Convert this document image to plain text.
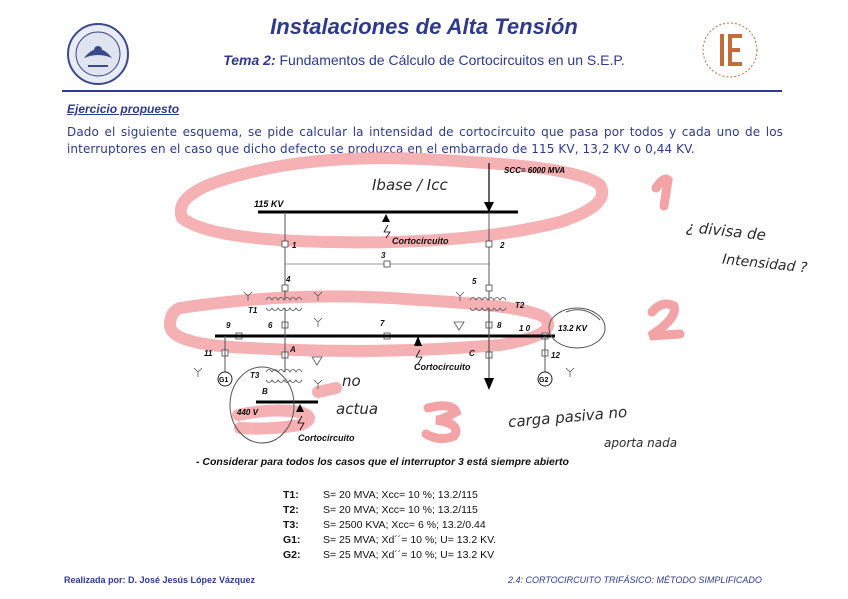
Instalaciones de Alta Tensión
Tema 2: Fundamentos de Cálculo de Cortocircuitos en un S.E.P.
Ejercicio propuesto
Dado el siguiente esquema, se pide calcular la intensidad de cortocircuito que pasa por todos y cada uno de los interruptores en el caso que dicho defecto se produzca en el embarrado de 115 KV, 13,2 KV o 0,44 KV.
115 KV
SCC= 6000 MVA
1	2
3
4	5
6	7	8
9	1 0
11	12
A	C
B
T1
T2
T3
G1	G2
440 V
13.2 KV
Cortocircuito
Cortocircuito
Cortocircuito
Ibase / Icc
¿ divisa de
Intensidad ?
no
actua	carga pasiva no
aporta nada
- Considerar para todos los casos que el interruptor 3 está siempre abierto
T1:	S= 20 MVA; Xcc= 10 %; 13.2/115
T2:	S= 20 MVA; Xcc= 10 %; 13.2/115
T3:	S= 2500 KVA; Xcc= 6 %; 13.2/0.44
G1:	S= 25 MVA; Xd´´= 10 %; U= 13.2 KV.
G2:	S= 25 MVA; Xd´´= 10 %; U= 13.2 KV
Realizada por: D. José Jesús López Vázquez	2.4: CORTOCIRCUITO TRIFÁSICO: MÉTODO SIMPLIFICADO
